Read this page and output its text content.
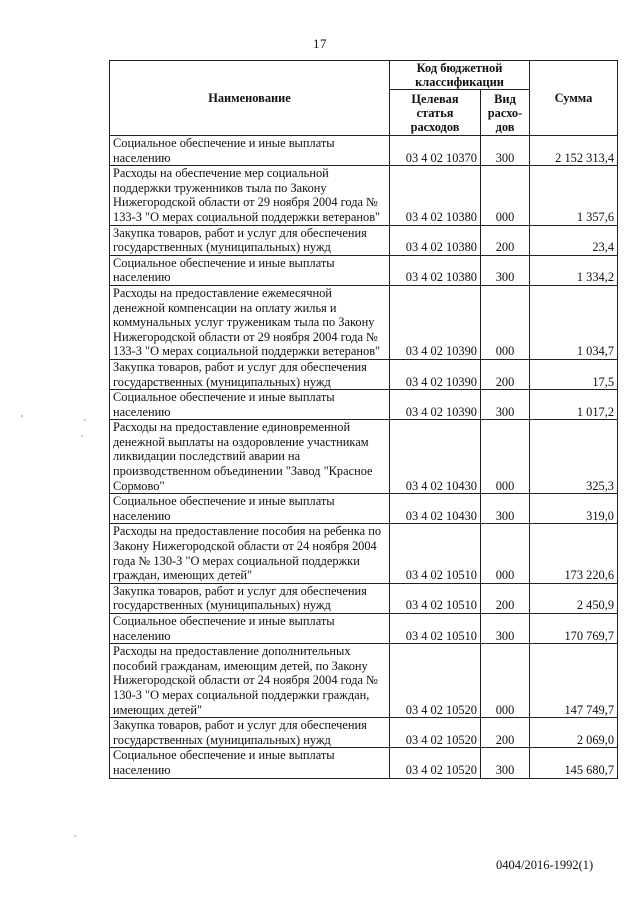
17
Наименование	Код бюджетной классификации		Сумма
	Целевая статья расходов	Вид расхо-дов	
Социальное обеспечение и иные выплаты населению	03 4 02 10370	300	2 152 313,4
Расходы на обеспечение мер социальной поддержки труженников тыла по Закону Нижегородской области от 29 ноября 2004 года № 133-З "О мерах социальной поддержки ветеранов"	03 4 02 10380	000	1 357,6
Закупка товаров, работ и услуг для обеспечения государственных (муниципальных) нужд	03 4 02 10380	200	23,4
Социальное обеспечение и иные выплаты населению	03 4 02 10380	300	1 334,2
Расходы на предоставление ежемесячной денежной компенсации на оплату жилья и коммунальных услуг труженикам тыла по Закону Нижегородской области от 29 ноября 2004 года № 133-З "О мерах социальной поддержки ветеранов"	03 4 02 10390	000	1 034,7
Закупка товаров, работ и услуг для обеспечения государственных (муниципальных) нужд	03 4 02 10390	200	17,5
Социальное обеспечение и иные выплаты населению	03 4 02 10390	300	1 017,2
Расходы на предоставление единовременной денежной выплаты на оздоровление участникам ликвидации последствий аварии на производственном объединении "Завод "Красное Сормово"	03 4 02 10430	000	325,3
Социальное обеспечение и иные выплаты населению	03 4 02 10430	300	319,0
Расходы на предоставление пособия на ребенка по Закону Нижегородской области от 24 ноября 2004 года № 130-З "О мерах социальной поддержки граждан, имеющих детей"	03 4 02 10510	000	173 220,6
Закупка товаров, работ и услуг для обеспечения государственных (муниципальных) нужд	03 4 02 10510	200	2 450,9
Социальное обеспечение и иные выплаты населению	03 4 02 10510	300	170 769,7
Расходы на предоставление дополнительных пособий гражданам, имеющим детей, по Закону Нижегородской области от 24 ноября 2004 года № 130-З "О мерах социальной поддержки граждан, имеющих детей"	03 4 02 10520	000	147 749,7
Закупка товаров, работ и услуг для обеспечения государственных (муниципальных) нужд	03 4 02 10520	200	2 069,0
Социальное обеспечение и иные выплаты населению	03 4 02 10520	300	145 680,7
0404/2016-1992(1)
